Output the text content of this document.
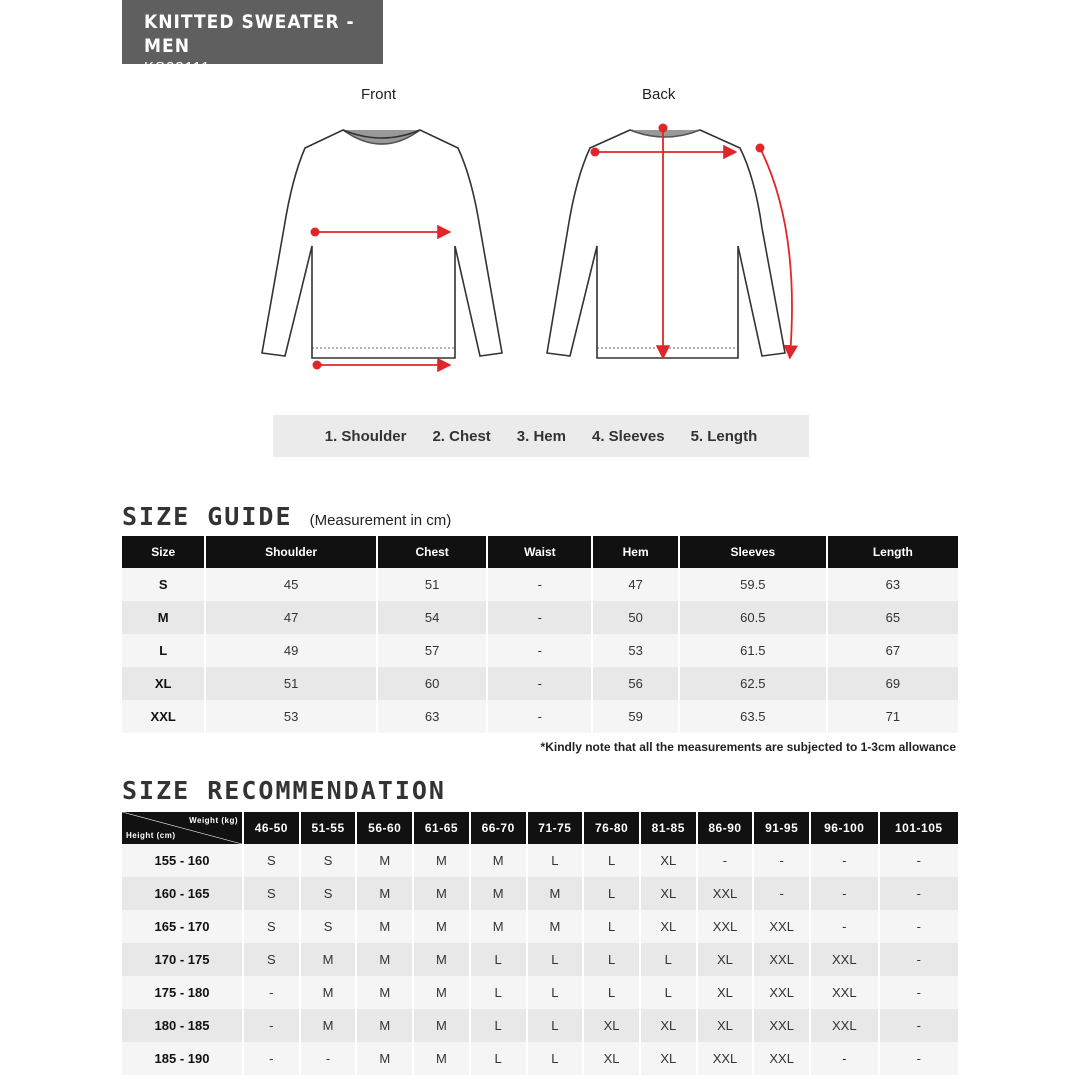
KNITTED SWEATER - MEN
KS23111
Front	Back
1. Shoulder 2. Chest 3. Hem 4. Sleeves 5. Length
SIZE GUIDE (Measurement in cm)
Size	Shoulder	Chest	Waist	Hem	Sleeves	Length
S	45	51	-	47	59.5	63
M	47	54	-	50	60.5	65
L	49	57	-	53	61.5	67
XL	51	60	-	56	62.5	69
XXL	53	63	-	59	63.5	71
*Kindly note that all the measurements are subjected to 1-3cm allowance
SIZE RECOMMENDATION
Weight (kg)
Height (cm)	46-50	51-55	56-60	61-65	66-70	71-75	76-80	81-85	86-90	91-95	96-100	101-105
155 - 160	S	S	M	M	M	L	L	XL	-	-	-	-
160 - 165	S	S	M	M	M	M	L	XL	XXL	-	-	-
165 - 170	S	S	M	M	M	M	L	XL	XXL	XXL	-	-
170 - 175	S	M	M	M	L	L	L	L	XL	XXL	XXL	-
175 - 180	-	M	M	M	L	L	L	L	XL	XXL	XXL	-
180 - 185	-	M	M	M	L	L	XL	XL	XL	XXL	XXL	-
185 - 190	-	-	M	M	L	L	XL	XL	XXL	XXL	-	-
